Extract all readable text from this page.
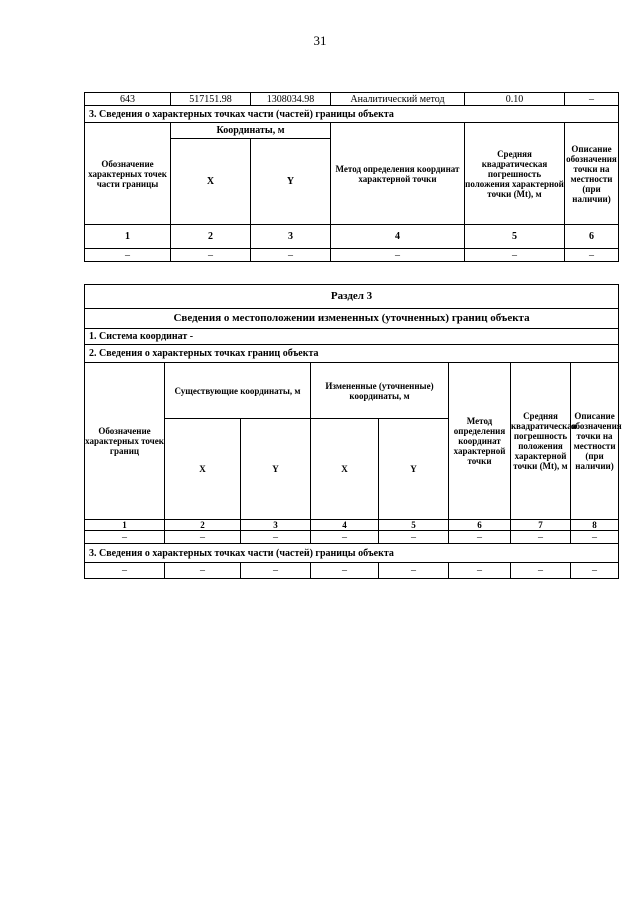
31
643	517151.98	1308034.98	Аналитический метод	0.10	–
3. Сведения о характерных точках части (частей) границы объекта					
Обозначение характерных точек части границы	Координаты, м		Метод определения координат характерной точки	Средняя квадратическая погрешность положения характерной точки (Mt), м	Описание обозначения точки на местности (при наличии)
	X	Y			
1	2	3	4	5	6
–	–	–	–	–	–
Раздел 3							
Сведения о местоположении измененных (уточненных) границ объекта							
1. Система координат -							
2. Сведения о характерных точках границ объекта							
Обозначение характерных точек границ	Существующие координаты, м		Измененные (уточненные) координаты, м		Метод определения координат характерной точки	Средняя квадратическая погрешность положения характерной точки (Mt), м	Описание обозначения точки на местности (при наличии)
	X	Y	X	Y			
1	2	3	4	5	6	7	8
–	–	–	–	–	–	–	–
3. Сведения о характерных точках части (частей) границы объекта							
–	–	–	–	–	–	–	–
